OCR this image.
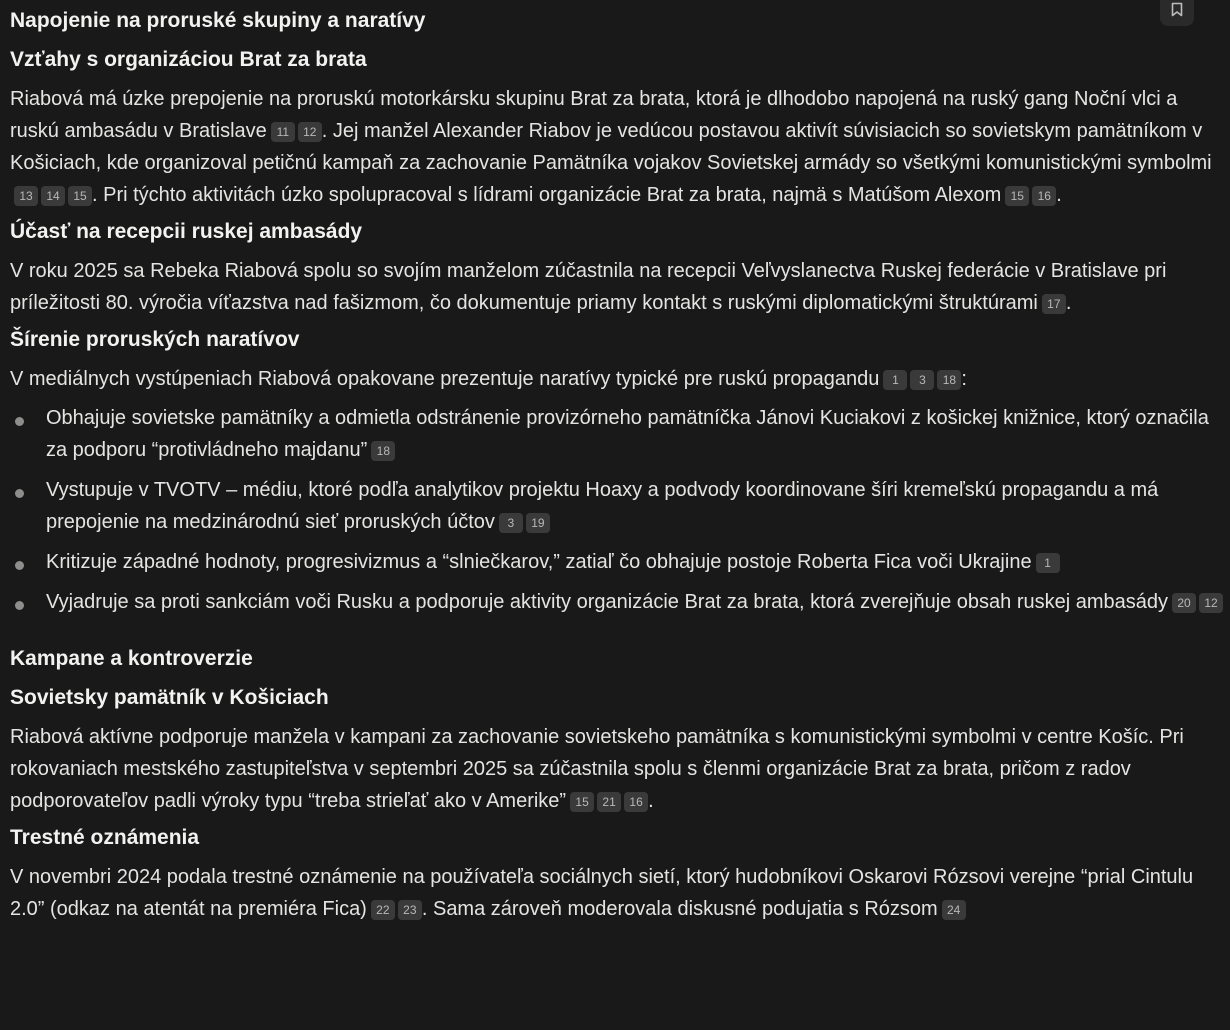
Napojenie na proruské skupiny a naratívy
Vzťahy s organizáciou Brat za brata

Riabová má úzke prepojenie na proruskú motorkársku skupinu Brat za brata, ktorá je dlhodobo napojená na ruský gang Noční vlci a ruskú ambasádu v Bratislave 11 12 . Jej manžel Alexander Riabov je vedúcou postavou aktivít súvisiacich so sovietskym pamätníkom v Košiciach, kde organizoval petičnú kampaň za zachovanie Pamätníka vojakov Sovietskej armády so všetkými komunistickými symbolmi13 14 15 . Pri týchto aktivitách úzko spolupracoval s lídrami organizácie Brat za brata, najmä s Matúšom Alexom 15 16 .

Účasť na recepcii ruskej ambasády

V roku 2025 sa Rebeka Riabová spolu so svojím manželom zúčastnila na recepcii Veľvyslanectva Ruskej federácie v Bratislave pri príležitosti 80. výročia víťazstva nad fašizmom, čo dokumentuje priamy kontakt s ruskými diplomatickými štruktúrami 17 .

Šírenie proruských naratívov

V mediálnych vystúpeniach Riabová opakovane prezentuje naratívy typické pre ruskú propagandu 1 3 18 :

Obhajuje sovietske pamätníky a odmietla odstránenie provizórneho pamätníčka Jánovi Kuciakovi z košickej knižnice, ktorý označila za podporu “protivládneho majdanu” 18
Vystupuje v TVOTV – médiu, ktoré podľa analytikov projektu Hoaxy a podvody koordinovane šíri kremeľskú propagandu a má prepojenie na medzinárodnú sieť proruských účtov 3 19
Kritizuje západné hodnoty, progresivizmus a “slniečkarov,” zatiaľ čo obhajuje postoje Roberta Fica voči Ukrajine 1
Vyjadruje sa proti sankciám voči Rusku a podporuje aktivity organizácie Brat za brata, ktorá zverejňuje obsah ruskej ambasády 20 12
Kampane a kontroverzie
Sovietsky pamätník v Košiciach

Riabová aktívne podporuje manžela v kampani za zachovanie sovietskeho pamätníka s komunistickými symbolmi v centre Košíc. Pri rokovaniach mestského zastupiteľstva v septembri 2025 sa zúčastnila spolu s členmi organizácie Brat za brata, pričom z radov podporovateľov padli výroky typu “treba strieľať ako v Amerike” 15 21 16 .

Trestné oznámenia

V novembri 2024 podala trestné oznámenie na používateľa sociálnych sietí, ktorý hudobníkovi Oskarovi Rózsovi verejne “prial Cintulu 2.0” (odkaz na atentát na premiéra Fica) 22 23 . Sama zároveň moderovala diskusné podujatia s Rózsom 24
